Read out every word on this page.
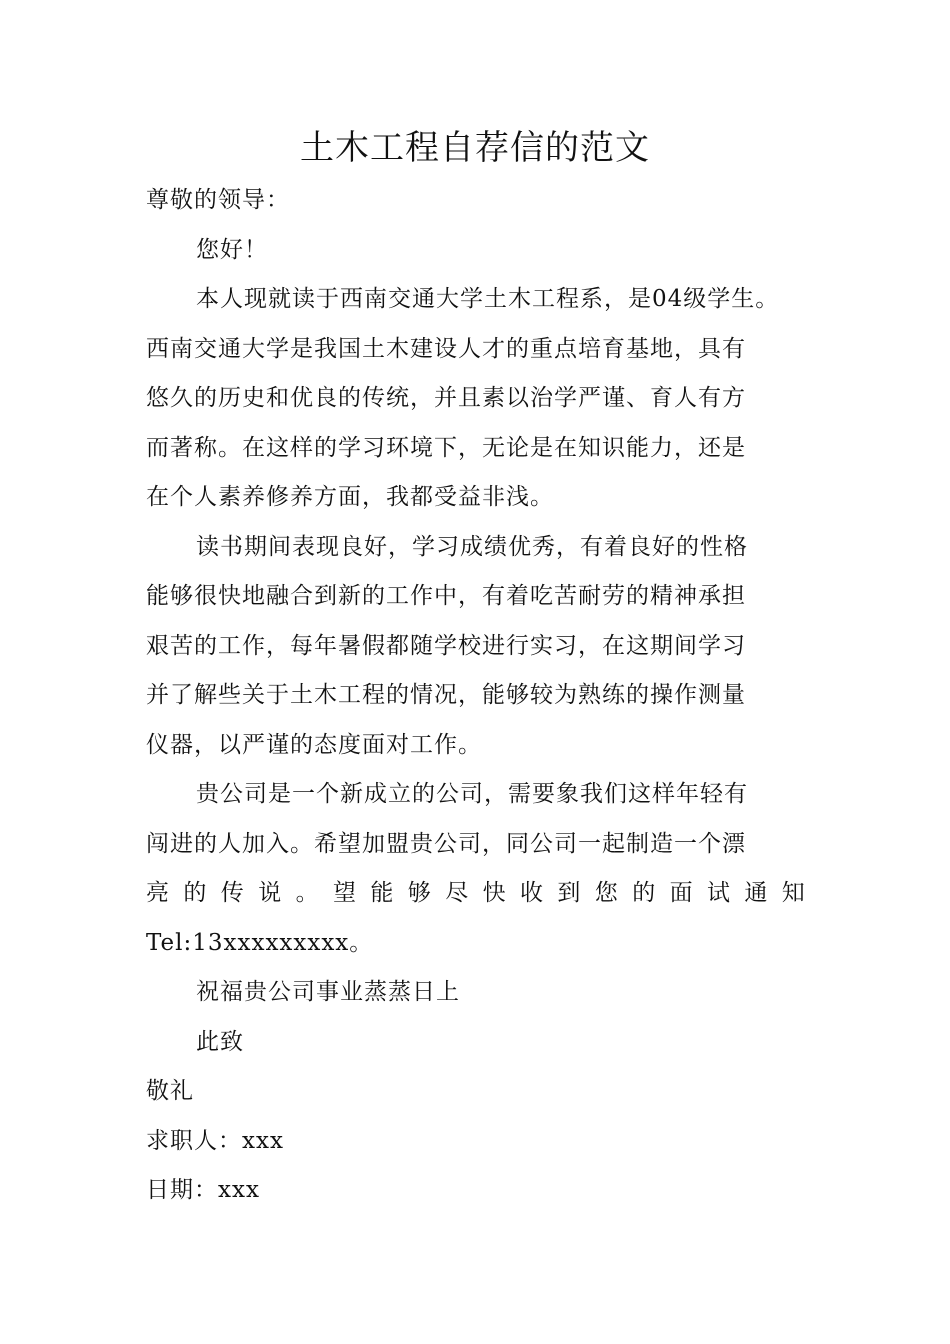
土木工程自荐信的范文

尊敬的领导：

您好！

本人现就读于西南交通大学土木工程系，是04级学生。

西南交通大学是我国土木建设人才的重点培育基地，具有

悠久的历史和优良的传统，并且素以治学严谨、育人有方

而著称。在这样的学习环境下，无论是在知识能力，还是

在个人素养修养方面，我都受益非浅。

读书期间表现良好，学习成绩优秀，有着良好的性格

能够很快地融合到新的工作中，有着吃苦耐劳的精神承担

艰苦的工作，每年暑假都随学校进行实习，在这期间学习

并了解些关于土木工程的情况，能够较为熟练的操作测量

仪器，以严谨的态度面对工作。

贵公司是一个新成立的公司，需要象我们这样年轻有

闯进的人加入。希望加盟贵公司，同公司一起制造一个漂

亮的传说。望能够尽快收到您的面试通知

Tel:13xxxxxxxxx。

祝福贵公司事业蒸蒸日上

此致

敬礼

求职人：xxx

日期：xxx
